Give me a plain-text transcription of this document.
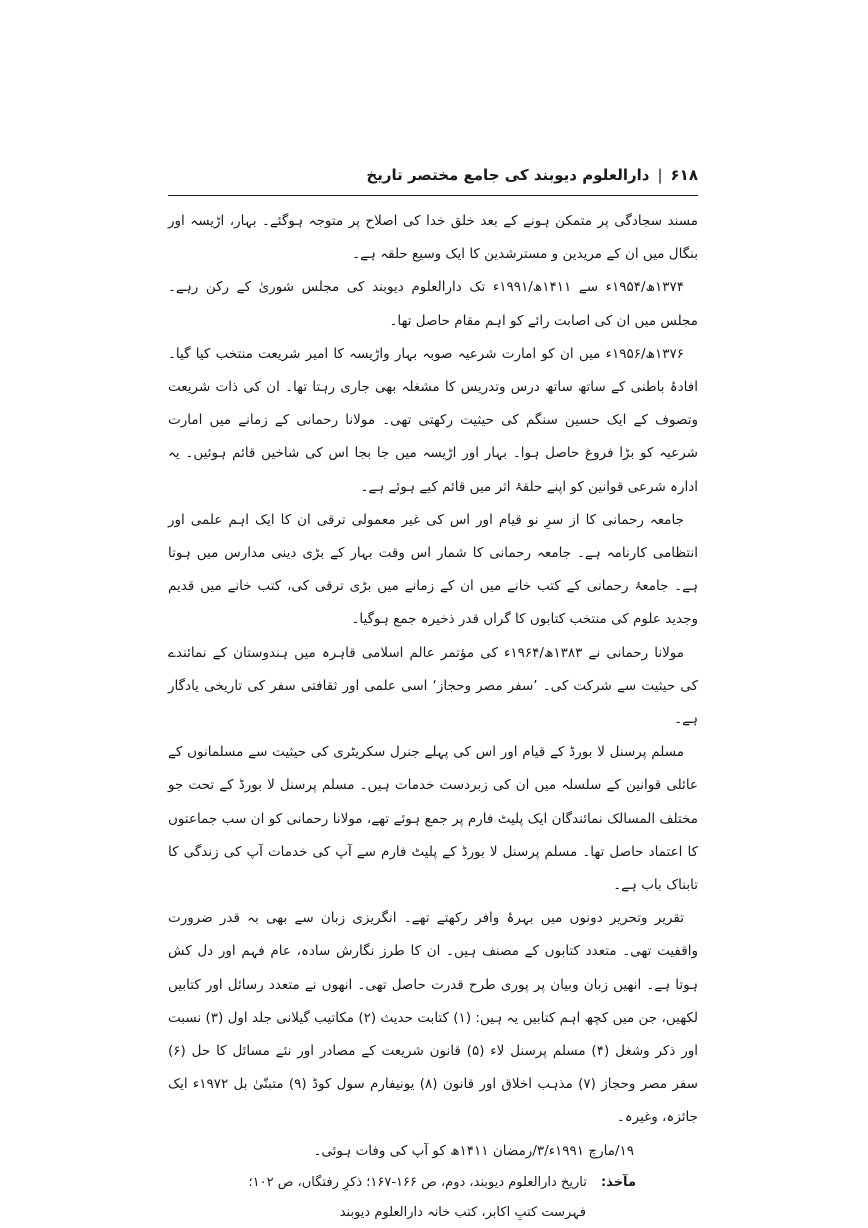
۶۱۸
|
دارالعلوم دیوبند کی جامع مختصر تاریخ

مسند سجادگی پر متمکن ہونے کے بعد خلق خدا کی اصلاح پر متوجہ ہوگئے۔ بہار، اڑیسہ اور بنگال میں ان کے مریدین و مسترشدین کا ایک وسیع حلقہ ہے۔

۱۳۷۴ھ/۱۹۵۴ء سے ۱۴۱۱ھ/۱۹۹۱ء تک دارالعلوم دیوبند کی مجلس شوریٰ کے رکن رہے۔ مجلس میں ان کی اصابت رائے کو اہم مقام حاصل تھا۔

۱۳۷۶ھ/۱۹۵۶ء میں ان کو امارت شرعیہ صوبہ بہار واڑیسہ کا امیر شریعت منتخب کیا گیا۔ افادۂ باطنی کے ساتھ ساتھ درس وتدریس کا مشغلہ بھی جاری رہتا تھا۔ ان کی ذات شریعت وتصوف کے ایک حسین سنگم کی حیثیت رکھتی تھی۔ مولانا رحمانی کے زمانے میں امارت شرعیہ کو بڑا فروغ حاصل ہوا۔ بہار اور اڑیسہ میں جا بجا اس کی شاخیں قائم ہوئیں۔ یہ ادارہ شرعی قوانین کو اپنے حلقۂ اثر میں قائم کیے ہوئے ہے۔

جامعہ رحمانی کا از سرِ نو قیام اور اس کی غیر معمولی ترقی ان کا ایک اہم علمی اور انتظامی کارنامہ ہے۔ جامعہ رحمانی کا شمار اس وقت بہار کے بڑی دینی مدارس میں ہوتا ہے۔ جامعۂ رحمانی کے کتب خانے میں ان کے زمانے میں بڑی ترقی کی، کتب خانے میں قدیم وجدید علوم کی منتخب کتابوں کا گراں قدر ذخیرہ جمع ہوگیا۔

مولانا رحمانی نے ۱۳۸۳ھ/۱۹۶۴ء کی مؤتمر عالم اسلامی قاہرہ میں ہندوستان کے نمائندے کی حیثیت سے شرکت کی۔ ’سفر مصر وحجاز‘ اسی علمی اور ثقافتی سفر کی تاریخی یادگار ہے۔

مسلم پرسنل لا بورڈ کے قیام اور اس کی پہلے جنرل سکریٹری کی حیثیت سے مسلمانوں کے عائلی قوانین کے سلسلہ میں ان کی زبردست خدمات ہیں۔ مسلم پرسنل لا بورڈ کے تحت جو مختلف المسالک نمائندگان ایک پلیٹ فارم پر جمع ہوئے تھے، مولانا رحمانی کو ان سب جماعتوں کا اعتماد حاصل تھا۔ مسلم پرسنل لا بورڈ کے پلیٹ فارم سے آپ کی خدمات آپ کی زندگی کا تابناک باب ہے۔

تقریر وتحریر دونوں میں بہرۂ وافر رکھتے تھے۔ انگریزی زبان سے بھی بہ قدر ضرورت واقفیت تھی۔ متعدد کتابوں کے مصنف ہیں۔ ان کا طرز نگارش سادہ، عام فہم اور دل کش ہوتا ہے۔ انھیں زبان وبیان پر پوری طرح قدرت حاصل تھی۔ انھوں نے متعدد رسائل اور کتابیں لکھیں، جن میں کچھ اہم کتابیں یہ ہیں: (۱) کتابت حدیث (۲) مکاتیب گیلانی جلد اول (۳) نسبت اور ذکر وشغل (۴) مسلم پرسنل لاء (۵) قانون شریعت کے مصادر اور نئے مسائل کا حل (۶) سفر مصر وحجاز (۷) مذہب اخلاق اور قانون (۸) یونیفارم سول کوڈ (۹) متبنّیٰ بل ۱۹۷۲ء ایک جائزہ، وغیرہ۔

۱۹/مارچ ۱۹۹۱ء/۳/رمضان ۱۴۱۱ھ کو آپ کی وفات ہوئی۔

مآخذ: تاریخ دارالعلوم دیوبند، دوم، ص ۱۶۶-۱۶۷؛ ذکرِ رفتگاں، ص ۱۰۲؛

فہرست کتبِ اکابر، کتب خانہ دارالعلوم دیوبند
